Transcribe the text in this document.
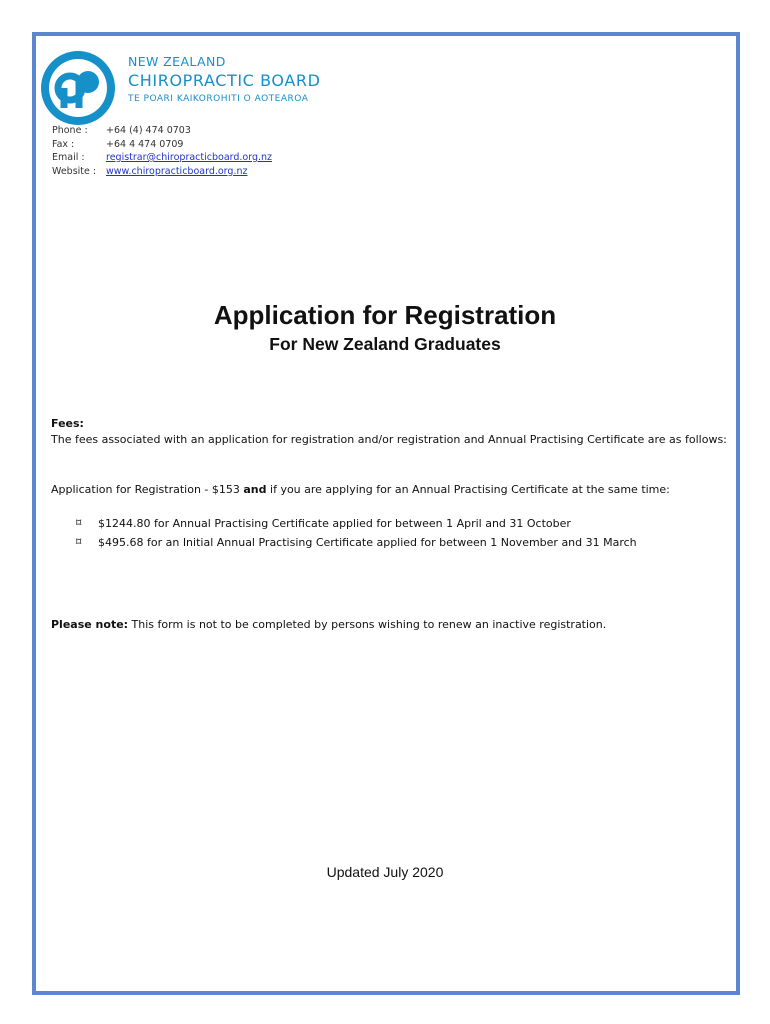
NEW ZEALAND
CHIROPRACTIC BOARD
TE POARI KAIKOROHITI O AOTEAROA
Phone :	+64 (4) 474 0703
Fax :	+64 4 474 0709
Email :	registrar@chiropracticboard.org.nz
Website :	www.chiropracticboard.org.nz
Application for Registration
For New Zealand Graduates
Fees:
The fees associated with an application for registration and/or registration and Annual Practising Certificate are as follows:
Application for Registration - $153 and if you are applying for an Annual Practising Certificate at the same time:
⌑	$1244.80 for Annual Practising Certificate applied for between 1 April and 31 October
⌑	$495.68 for an Initial Annual Practising Certificate applied for between 1 November and 31 March
Please note: This form is not to be completed by persons wishing to renew an inactive registration.
Updated July 2020
